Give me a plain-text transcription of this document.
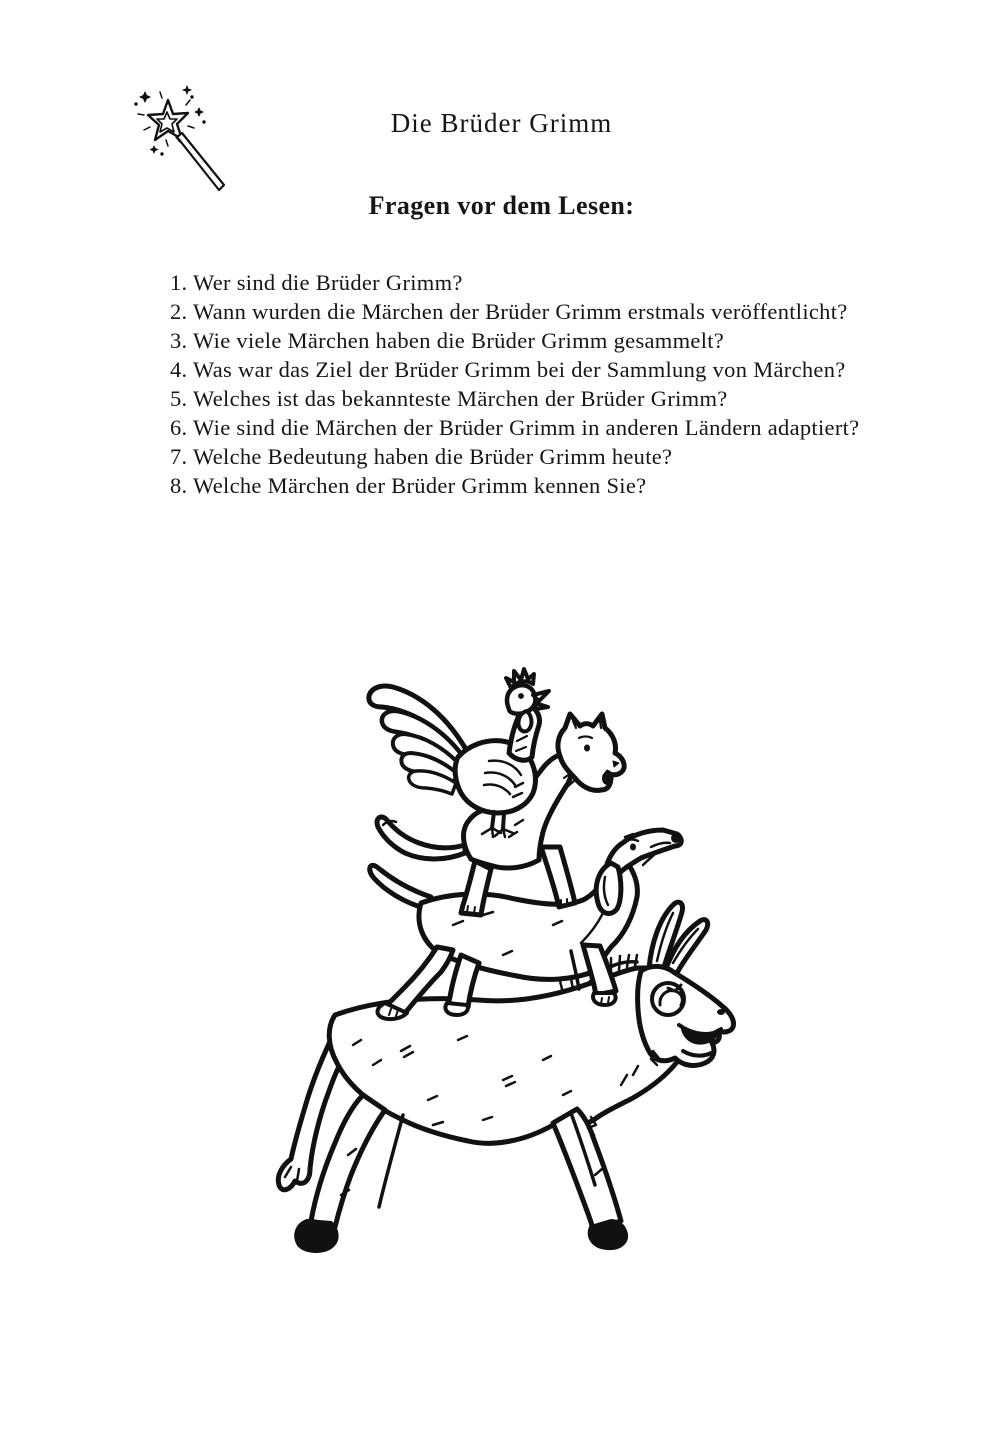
Die Brüder Grimm
Fragen vor dem Lesen:

1. Wer sind die Brüder Grimm?

2. Wann wurden die Märchen der Brüder Grimm erstmals veröffentlicht?

3. Wie viele Märchen haben die Brüder Grimm gesammelt?

4. Was war das Ziel der Brüder Grimm bei der Sammlung von Märchen?

5. Welches ist das bekannteste Märchen der Brüder Grimm?

6. Wie sind die Märchen der Brüder Grimm in anderen Ländern adaptiert?

7. Welche Bedeutung haben die Brüder Grimm heute?

8. Welche Märchen der Brüder Grimm kennen Sie?
